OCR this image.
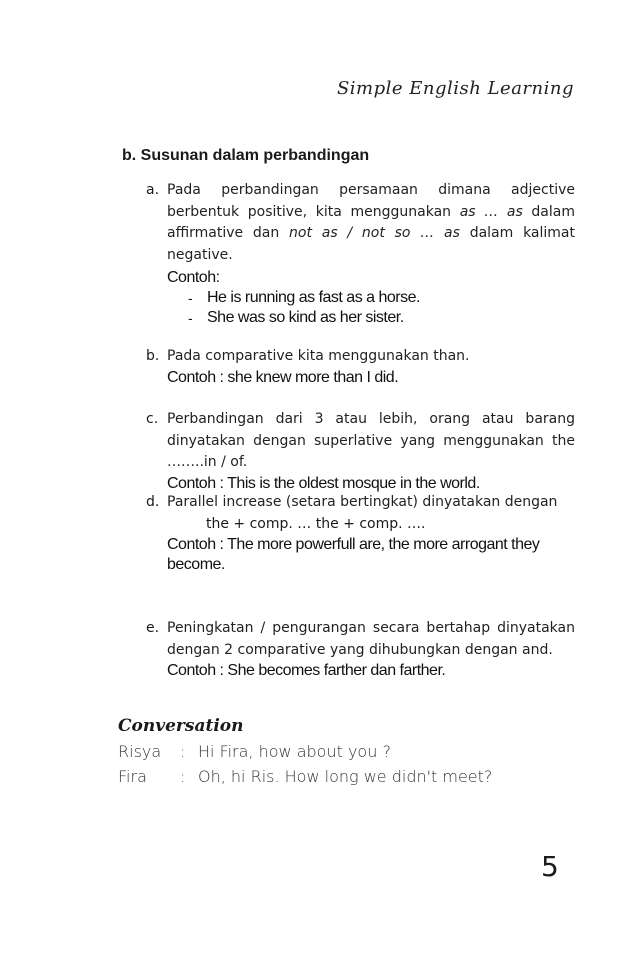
Simple English Learning
b. Susunan dalam perbandingan
a. Pada perbandingan persamaan dimana adjective berbentuk positive, kita menggunakan as … as dalam affirmative dan not as / not so … as dalam kalimat negative.
Contoh:
- He is running as fast as a horse.
- She was so kind as her sister.
b. Pada comparative kita menggunakan than.
Contoh : she knew more than I did.
c. Perbandingan dari 3 atau lebih, orang atau barang dinyatakan dengan superlative yang menggunakan the ……..in / of.
Contoh : This is the oldest mosque in the world.
d. Parallel increase (setara bertingkat) dinyatakan dengan
the + comp. … the + comp. ….
Contoh : The more powerfull are, the more arrogant they become.
e. Peningkatan / pengurangan secara bertahap dinyatakan dengan 2 comparative yang dihubungkan dengan and.
Contoh : She becomes farther dan farther.
Conversation
Risya : Hi Fira, how about you ?
Fira : Oh, hi Ris. How long we didn't meet?
5
